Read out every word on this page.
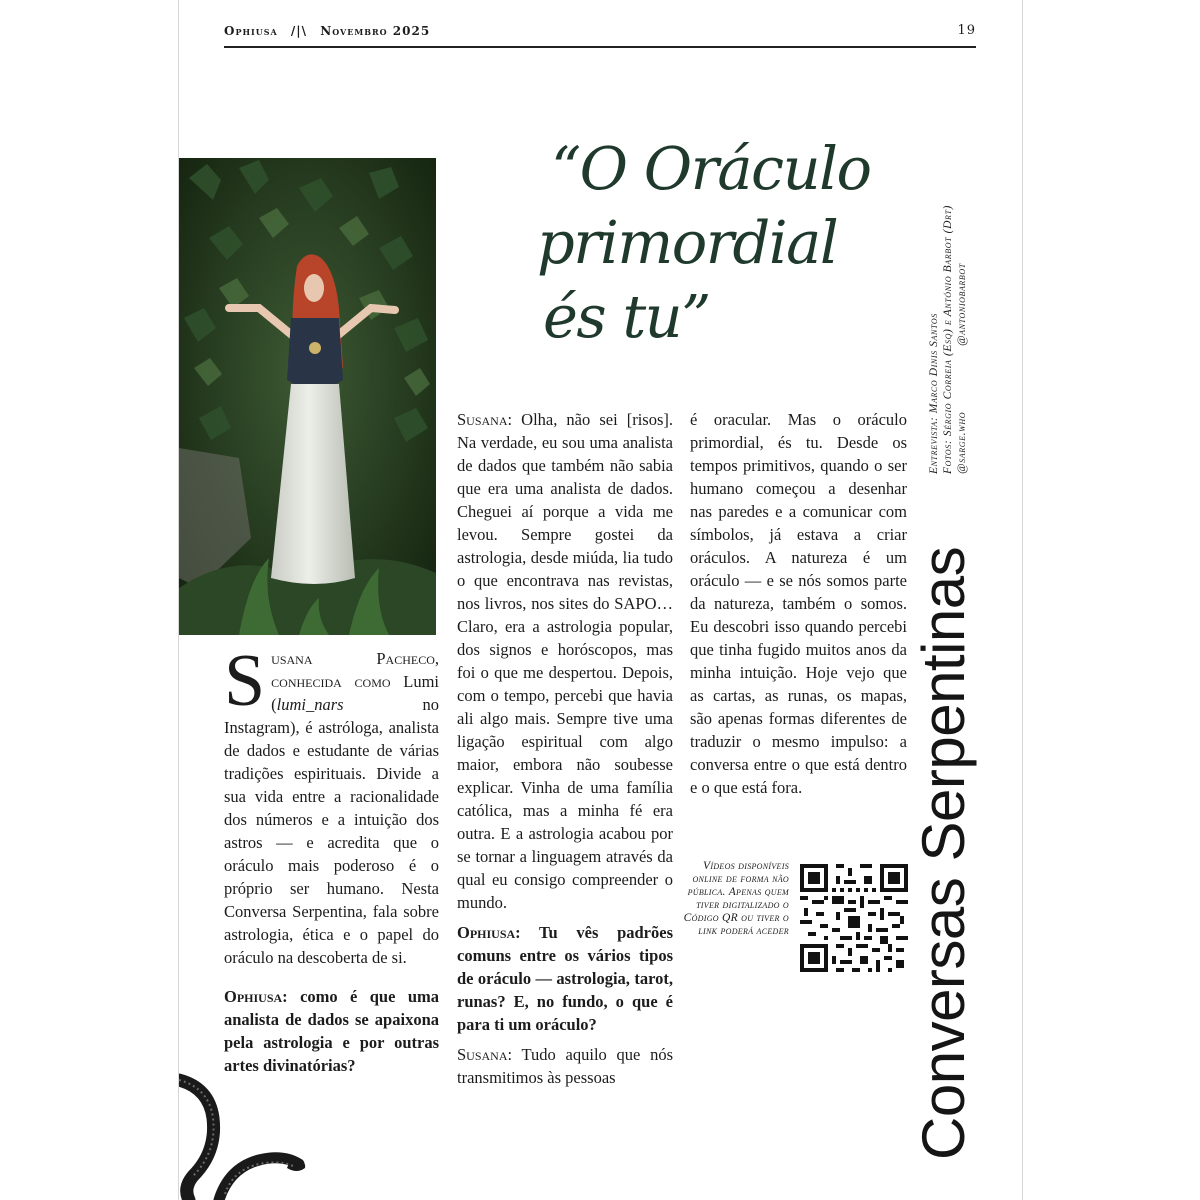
Ophiusa /|\ Novembro 2025	19
“O Oráculo
primordial
és tu”

Susana Pacheco, conhecida como Lumi (lumi_nars no Instagram), é astróloga, analista de dados e estudante de várias tradições espirituais. Divide a sua vida entre a racionalidade dos números e a intuição dos astros — e acredita que o oráculo mais poderoso é o próprio ser humano. Nesta Conversa Serpentina, fala sobre astrologia, ética e o papel do oráculo na descoberta de si.

Ophiusa: como é que uma analista de dados se apaixona pela astrologia e por outras artes divinatórias?

Susana: Olha, não sei [risos]. Na verdade, eu sou uma analista de dados que também não sabia que era uma analista de dados. Cheguei aí porque a vida me levou. Sempre gostei da astrologia, desde miúda, lia tudo o que encontrava nas revistas, nos livros, nos sites do SAPO… Claro, era a astrologia popular, dos signos e horóscopos, mas foi o que me despertou. Depois, com o tempo, percebi que havia ali algo mais. Sempre tive uma ligação espiritual com algo maior, embora não soubesse explicar. Vinha de uma família católica, mas a minha fé era outra. E a astrologia acabou por se tornar a linguagem através da qual eu consigo compreender o mundo.

Ophiusa: Tu vês padrões comuns entre os vários tipos de oráculo — astrologia, tarot, runas? E, no fundo, o que é para ti um oráculo?

Susana: Tudo aquilo que nós transmitimos às pessoas

é oracular. Mas o oráculo primordial, és tu. Desde os tempos primitivos, quando o ser humano começou a desenhar nas paredes e a comunicar com símbolos, já estava a criar oráculos. A natureza é um oráculo — e se nós somos parte da natureza, também o somos. Eu descobri isso quando percebi que tinha fugido muitos anos da minha intuição. Hoje vejo que as cartas, as runas, os mapas, são apenas formas diferentes de traduzir o mesmo impulso: a conversa entre o que está dentro e o que está fora.

Vídeos disponíveis online de forma não pública. Apenas quem tiver digitalizado o Código QR ou tiver o link poderá aceder
Entrevista: Marco Dinis Santos Fotos: Sérgio Correia (Esq) e António Barbot (Drt) @sarge.who
@antoniobarbot
Conversas Serpentinas
